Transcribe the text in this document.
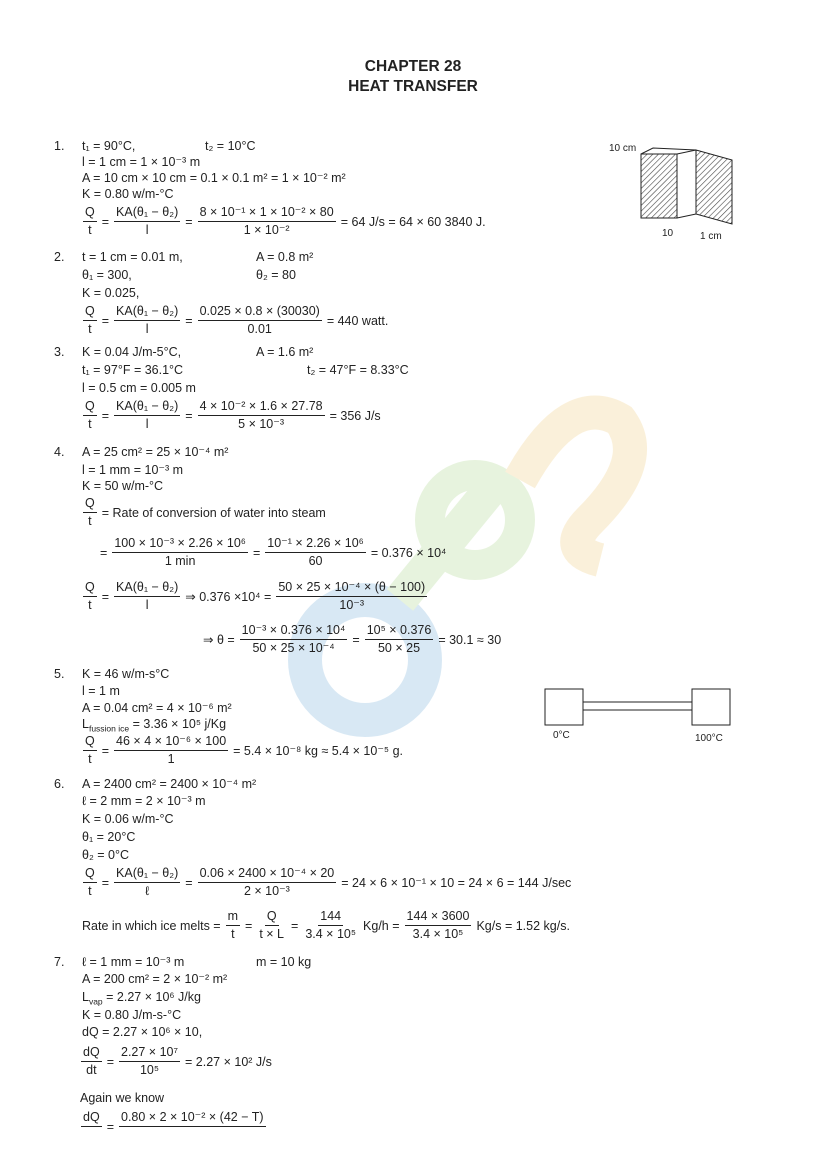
CHAPTER 28
HEAT TRANSFER
10 cm
10	1 cm
0°C	100°C
1. t₁ = 90°C,	t₂ = 10°C
l = 1 cm = 1 × 10⁻³ m
A = 10 cm × 10 cm = 0.1 × 0.1 m² = 1 × 10⁻² m²
K = 0.80 w/m-°C
$\frac{Q}{t} = \frac{\text{KA(θ₁ − θ₂)}}{l} = \frac{\text{8 × 10⁻¹ × 1 × 10⁻² × 80}}{\text{1 × 10⁻²}} = 64$ J/s = 64 × 60 3840 J.
2. t = 1 cm = 0.01 m,	A = 0.8 m²
θ₁ = 300,	θ₂ = 80
K = 0.025,
$\frac{Q}{t} = \frac{\text{KA(θ₁ − θ₂)}}{l} = \frac{0.025 \times 0.8 \times (30030)}{0.01} = 440$ watt.
3. K = 0.04 J/m-5°C,	A = 1.6 m²
t₁ = 97°F = 36.1°C	t₂ = 47°F = 8.33°C
l = 0.5 cm = 0.005 m
$\frac{Q}{t} = \frac{\text{KA(θ₁ − θ₂)}}{l} = \frac{\text{4 × 10⁻² × 1.6 × 27.78}}{\text{5 × 10⁻³}} = 356$ J/s
4. A = 25 cm² = 25 × 10⁻⁴ m²
l = 1 mm = 10⁻³ m
K = 50 w/m-°C
$\frac{Q}{t}$ = Rate of conversion of water into steam
= $\frac{\text{100 × 10⁻³ × 2.26 × 10⁶}}{1 \min} = \frac{\text{10⁻¹ × 2.26 × 10⁶}}{60} = 0.376 \times 10^4$
$\frac{Q}{t} = \frac{\text{KA(θ₁ − θ₂)}}{l}$ ⇒ $0.376 \times 10^4 = \frac{\text{50 × 25 × 10⁻⁴ × (θ − 100)}}{\text{10⁻³}}$
⇒ $\theta = \frac{\text{10⁻³ × 0.376 × 10⁴}}{\text{50 × 25 × 10⁻⁴}} = \frac{\text{10⁵ × 0.376}}{50 \times 25} = 30.1 \approx 30$
5. K = 46 w/m-s°C
l = 1 m
A = 0.04 cm² = 4 × 10⁻⁶ m²
$L_{fussion ice} = 3.36 \times 10^5$ j/Kg
$\frac{Q}{t} = \frac{\text{46 × 4 × 10⁻⁶ × 100}}{1} = 5.4 \times 10^{-8}$ kg ≈ 5.4 × 10⁻⁵ g.
6. A = 2400 cm² = 2400 × 10⁻⁴ m²
ℓ = 2 mm = 2 × 10⁻³ m
K = 0.06 w/m-°C
θ₁ = 20°C
θ₂ = 0°C
$\frac{Q}{t} = \frac{\text{KA(θ₁ − θ₂)}}{\text{ℓ}} = \frac{\text{0.06 × 2400 × 10⁻⁴ × 20}}{\text{2 × 10⁻³}} = 24 \times 6 \times 10^{-1} \times 10 = 24 \times 6 = 144$ J/sec
Rate in which ice melts = $\frac{m}{t} = \frac{Q}{t \times L} = \frac{144}{\text{3.4 × 10⁵}} Kg/h = \frac{144 \times 3600}{\text{3.4 × 10⁵}} Kg/s = 1.52$ kg/s.
7. ℓ = 1 mm = 10⁻³ m	m = 10 kg
A = 200 cm² = 2 × 10⁻² m²
$L_{vap} = 2.27 \times 10^6$ J/kg
K = 0.80 J/m-s-°C
dQ = 2.27 × 10⁶ × 10,
$\frac{dQ}{dt} = \frac{\text{2.27 × 10⁷}}{\text{10⁵}} = 2.27 \times 10^2$ J/s
Again we know
dQ

=
0.80 × 2 × 10⁻² × (42 − T)
